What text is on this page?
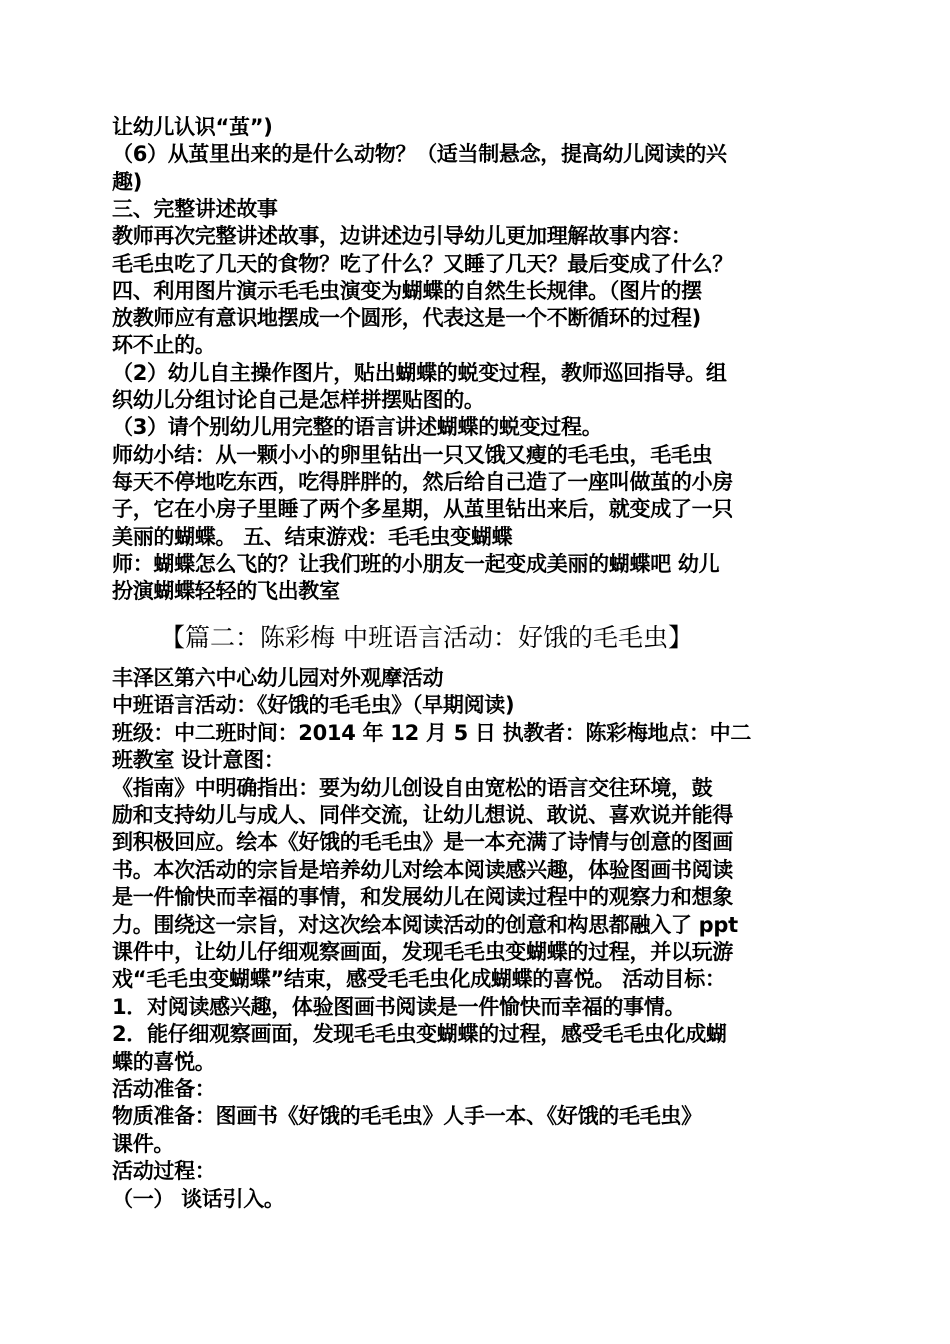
让幼儿认识“茧”)
（6）从茧里出来的是什么动物？（适当制悬念，提高幼儿阅读的兴
趣)
三、完整讲述故事
教师再次完整讲述故事，边讲述边引导幼儿更加理解故事内容：
毛毛虫吃了几天的食物？吃了什么？又睡了几天？最后变成了什么？
四、利用图片演示毛毛虫演变为蝴蝶的自然生长规律。（图片的摆
放教师应有意识地摆成一个圆形，代表这是一个不断循环的过程)
环不止的。
（2）幼儿自主操作图片，贴出蝴蝶的蜕变过程，教师巡回指导。组
织幼儿分组讨论自己是怎样拼摆贴图的。
（3）请个别幼儿用完整的语言讲述蝴蝶的蜕变过程。
师幼小结：从一颗小小的卵里钻出一只又饿又瘦的毛毛虫，毛毛虫
每天不停地吃东西，吃得胖胖的，然后给自己造了一座叫做茧的小房
子，它在小房子里睡了两个多星期，从茧里钻出来后，就变成了一只
美丽的蝴蝶。 五、结束游戏：毛毛虫变蝴蝶
师：蝴蝶怎么飞的？让我们班的小朋友一起变成美丽的蝴蝶吧 幼儿
扮演蝴蝶轻轻的飞出教室
【篇二：陈彩梅 中班语言活动：好饿的毛毛虫】
丰泽区第六中心幼儿园对外观摩活动
中班语言活动：《好饿的毛毛虫》（早期阅读)
班级：中二班时间：2014 年 12 月 5 日 执教者：陈彩梅地点：中二
班教室 设计意图：
《指南》中明确指出：要为幼儿创设自由宽松的语言交往环境，鼓
励和支持幼儿与成人、同伴交流，让幼儿想说、敢说、喜欢说并能得
到积极回应。绘本《好饿的毛毛虫》是一本充满了诗情与创意的图画
书。本次活动的宗旨是培养幼儿对绘本阅读感兴趣，体验图画书阅读
是一件愉快而幸福的事情，和发展幼儿在阅读过程中的观察力和想象
力。围绕这一宗旨，对这次绘本阅读活动的创意和构思都融入了 ppt
课件中，让幼儿仔细观察画面，发现毛毛虫变蝴蝶的过程，并以玩游
戏“毛毛虫变蝴蝶”结束，感受毛毛虫化成蝴蝶的喜悦。 活动目标：
1．对阅读感兴趣，体验图画书阅读是一件愉快而幸福的事情。
2．能仔细观察画面，发现毛毛虫变蝴蝶的过程，感受毛毛虫化成蝴
蝶的喜悦。
活动准备：
物质准备：图画书《好饿的毛毛虫》人手一本、《好饿的毛毛虫》
课件。
活动过程：
（一） 谈话引入。
